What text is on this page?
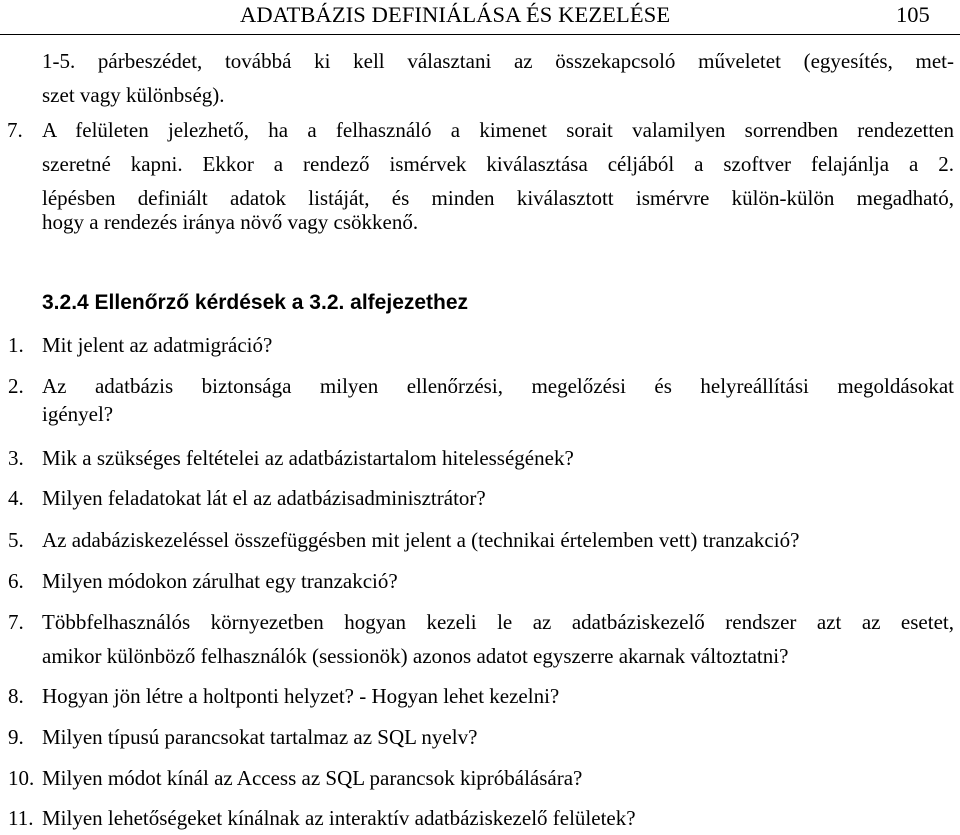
ADATBÁZIS DEFINIÁLÁSA ÉS KEZELÉSE	105
1-5. párbeszédet, továbbá ki kell választani az összekapcsoló műveletet (egyesítés, met-
szet vagy különbség).
7. A felületen jelezhető, ha a felhasználó a kimenet sorait valamilyen sorrendben rendezetten
szeretné kapni. Ekkor a rendező ismérvek kiválasztása céljából a szoftver felajánlja a 2.
lépésben definiált adatok listáját, és minden kiválasztott ismérvre külön-külön megadható,
hogy a rendezés iránya növő vagy csökkenő.
3.2.4 Ellenőrző kérdések a 3.2. alfejezethez
1. Mit jelent az adatmigráció?
2. Az adatbázis biztonsága milyen ellenőrzési, megelőzési és helyreállítási megoldásokat
igényel?
3. Mik a szükséges feltételei az adatbázistartalom hitelességének?
4. Milyen feladatokat lát el az adatbázisadminisztrátor?
5. Az adabáziskezeléssel összefüggésben mit jelent a (technikai értelemben vett) tranzakció?
6. Milyen módokon zárulhat egy tranzakció?
7. Többfelhasználós környezetben hogyan kezeli le az adatbáziskezelő rendszer azt az esetet,
amikor különböző felhasználók (sessionök) azonos adatot egyszerre akarnak változtatni?
8. Hogyan jön létre a holtponti helyzet? - Hogyan lehet kezelni?
9. Milyen típusú parancsokat tartalmaz az SQL nyelv?
10. Milyen módot kínál az Access az SQL parancsok kipróbálására?
11. Milyen lehetőségeket kínálnak az interaktív adatbáziskezelő felületek?
